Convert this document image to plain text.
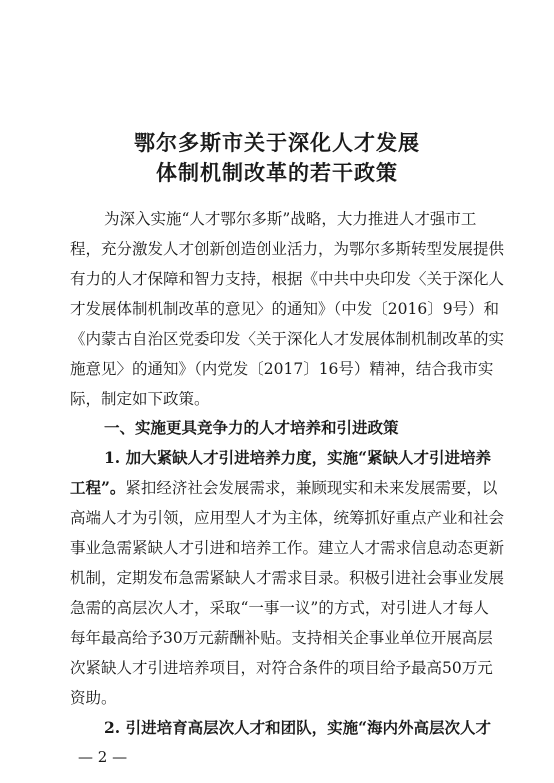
鄂尔多斯市关于深化人才发展
体制机制改革的若干政策
为深入实施“人才鄂尔多斯”战略，大力推进人才强市工
程，充分激发人才创新创造创业活力，为鄂尔多斯转型发展提供
有力的人才保障和智力支持，根据《中共中央印发〈关于深化人
才发展体制机制改革的意见〉的通知》（中发〔2016〕9号）和
《内蒙古自治区党委印发〈关于深化人才发展体制机制改革的实
施意见〉的通知》（内党发〔2017〕16号）精神，结合我市实
际，制定如下政策。
一、实施更具竞争力的人才培养和引进政策
1. 加大紧缺人才引进培养力度，实施“紧缺人才引进培养
工程”。紧扣经济社会发展需求，兼顾现实和未来发展需要，以
高端人才为引领，应用型人才为主体，统筹抓好重点产业和社会
事业急需紧缺人才引进和培养工作。建立人才需求信息动态更新
机制，定期发布急需紧缺人才需求目录。积极引进社会事业发展
急需的高层次人才，采取“一事一议”的方式，对引进人才每人
每年最高给予30万元薪酬补贴。支持相关企事业单位开展高层
次紧缺人才引进培养项目，对符合条件的项目给予最高50万元
资助。
2. 引进培育高层次人才和团队，实施“海内外高层次人才
— 2 —
